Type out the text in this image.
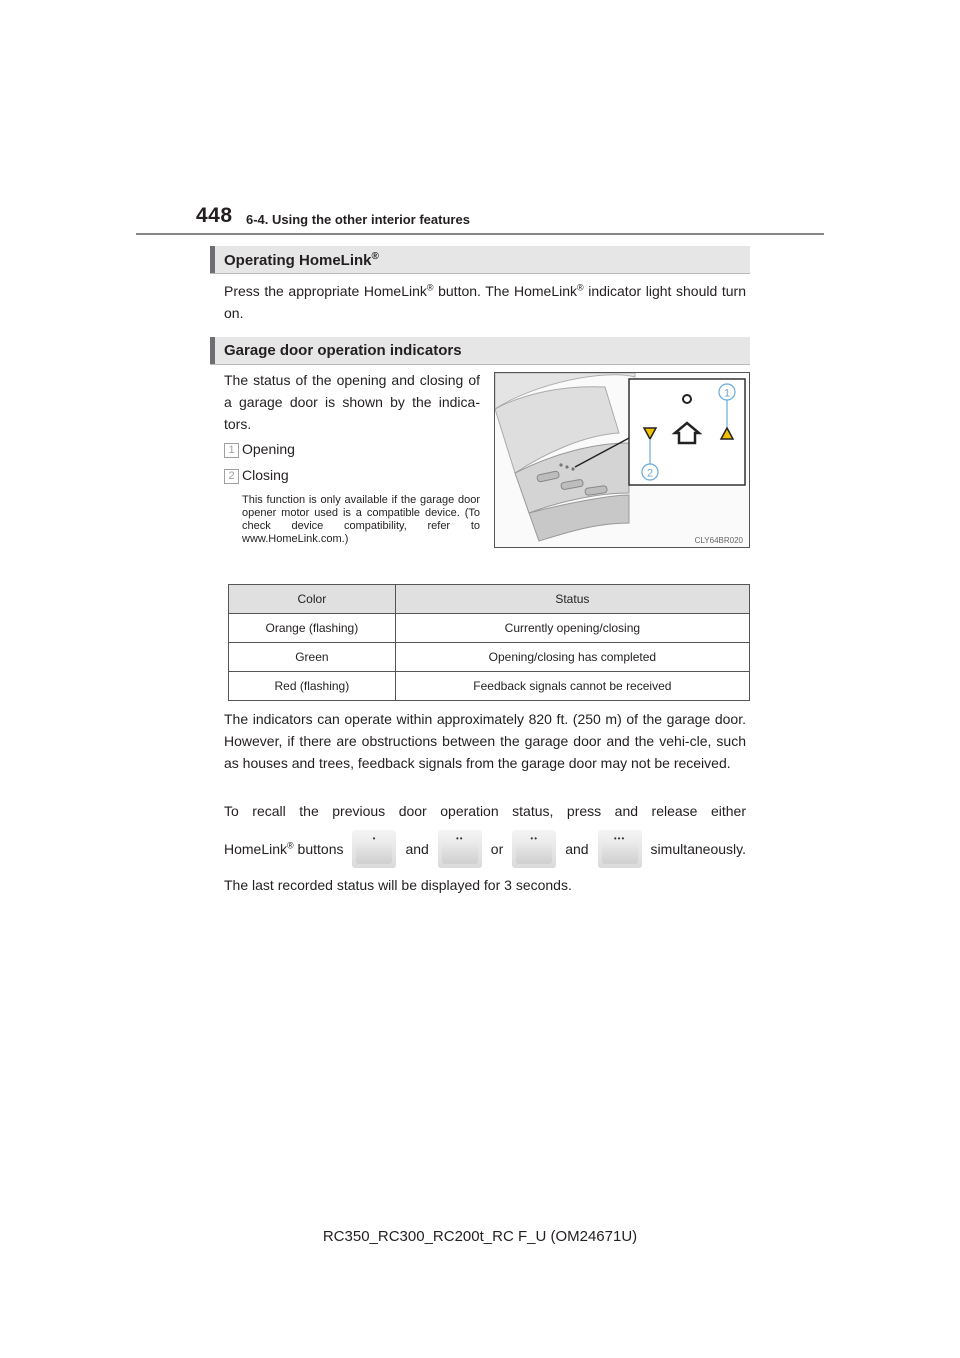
448 6-4. Using the other interior features
Operating HomeLink®

Press the appropriate HomeLink® button. The HomeLink® indicator light should turn on.

Garage door operation indicators

The status of the opening and closing of a garage door is shown by the indica-tors.

1 Opening
2 Closing

This function is only available if the garage door opener motor used is a compatible device. (To check device compatibility, refer to www.HomeLink.com.)

1
2
CLY64BR020
Color	Status
Orange (flashing)	Currently opening/closing
Green	Opening/closing has completed
Red (flashing)	Feedback signals cannot be received

The indicators can operate within approximately 820 ft. (250 m) of the garage door. However, if there are obstructions between the garage door and the vehi-cle, such as houses and trees, feedback signals from the garage door may not be received.

To recall the previous door operation status, press and release either

HomeLink® buttons
•
and
••
or
••
and
•••
simultaneously.

The last recorded status will be displayed for 3 seconds.

RC350_RC300_RC200t_RC F_U (OM24671U)
